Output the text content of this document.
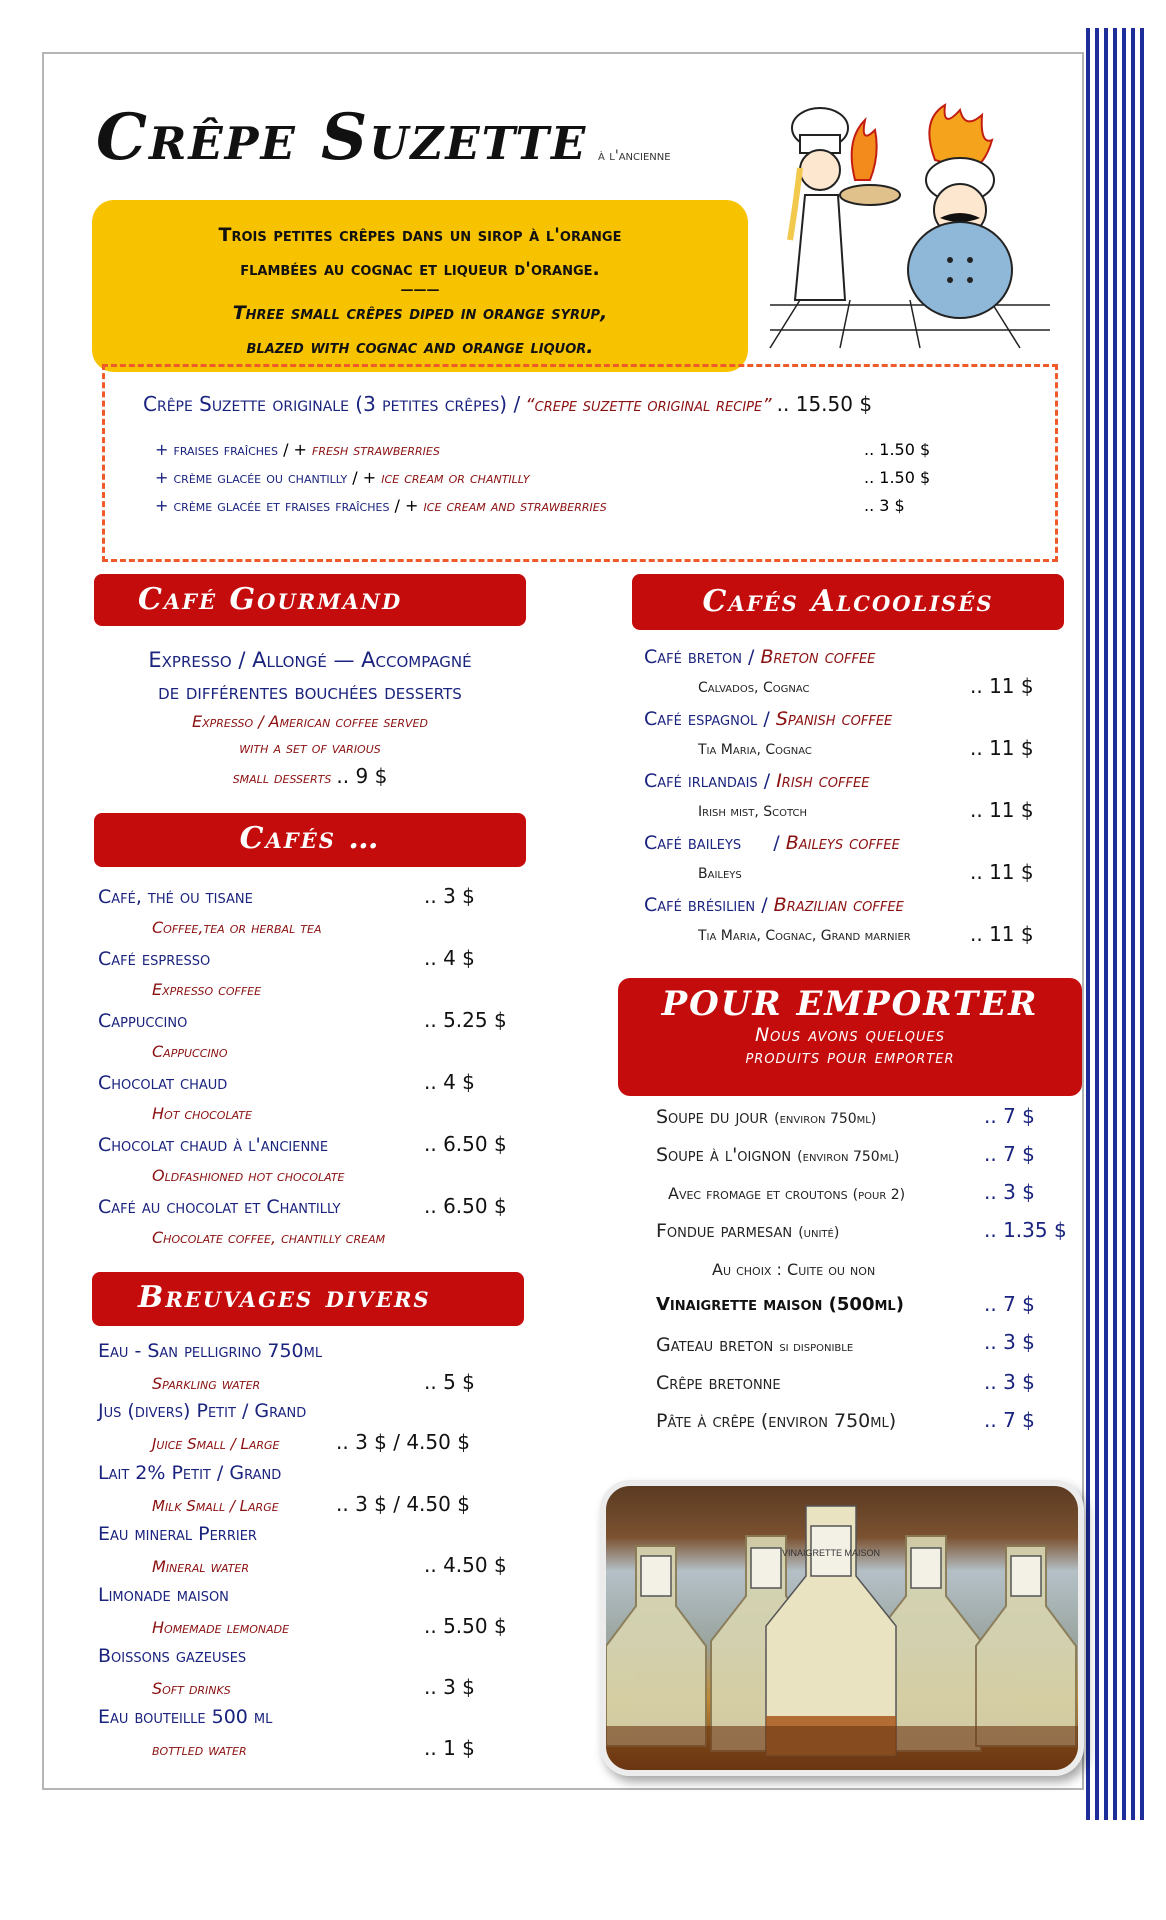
Crêpe Suzette à l'ancienne
Trois petites crêpes dans un sirop à l'orange
flambées au cognac et liqueur d'orange.
———
Three small crêpes diped in orange syrup,
blazed with cognac and orange liquor.
Crêpe Suzette originale (3 petites crêpes) / “crepe suzette original recipe” .. 15.50 $
+ fraises fraîches / + fresh strawberries	.. 1.50 $
+ crème glacée ou chantilly / + ice cream or chantilly	.. 1.50 $
+ crème glacée et fraises fraîches / + ice cream and strawberries	.. 3 $
Café Gourmand
Expresso / Allongé — Accompagné
de différentes bouchées desserts
Expresso / American coffee served
with a set of various
small desserts .. 9 $
Cafés …
Café, thé ou tisane	.. 3 $
Coffee,tea or herbal tea
Café espresso	.. 4 $
Expresso coffee
Cappuccino	.. 5.25 $
Cappuccino
Chocolat chaud	.. 4 $
Hot chocolate
Chocolat chaud à l'ancienne	.. 6.50 $
Oldfashioned hot chocolate
Café au chocolat et Chantilly	.. 6.50 $
Chocolate coffee, chantilly cream
Breuvages divers
Eau - San pelligrino 750ml
Sparkling water	.. 5 $
Jus (divers) Petit / Grand
Juice Small / Large	.. 3 $ / 4.50 $
Lait 2% Petit / Grand
Milk Small / Large	.. 3 $ / 4.50 $
Eau mineral Perrier
Mineral water	.. 4.50 $
Limonade maison
Homemade lemonade	.. 5.50 $
Boissons gazeuses
Soft drinks	.. 3 $
Eau bouteille 500 ml
bottled water	.. 1 $
Cafés Alcoolisés
Café breton / Breton coffee
Calvados, Cognac	.. 11 $
Café espagnol / Spanish coffee
Tia Maria, Cognac	.. 11 $
Café irlandais / Irish coffee
Irish mist, Scotch	.. 11 $
Café baileys / Baileys coffee
Baileys	.. 11 $
Café brésilien / Brazilian coffee
Tia Maria, Cognac, Grand marnier	.. 11 $
POUR EMPORTER
Nous avons quelques
produits pour emporter
Soupe du jour (environ 750ml)	.. 7 $
Soupe à l'oignon (environ 750ml)	.. 7 $
Avec fromage et croutons (pour 2)	.. 3 $
Fondue parmesan (unité)	.. 1.35 $
Au choix : Cuite ou non
Vinaigrette maison (500ml)	.. 7 $
Gateau breton si disponible	.. 3 $
Crêpe bretonne	.. 3 $
Pâte à crêpe (environ 750ml)	.. 7 $
VINAIGRETTE MAISON
